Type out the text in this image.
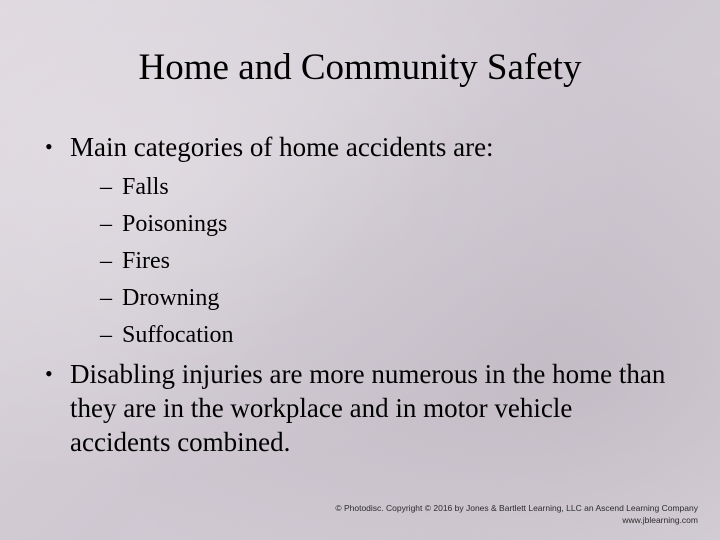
Home and Community Safety
• Main categories of home accidents are:
– Falls
– Poisonings
– Fires
– Drowning
– Suffocation
• Disabling injuries are more numerous in the home than they are in the workplace and in motor vehicle accidents combined.
© Photodisc. Copyright © 2016 by Jones & Bartlett Learning, LLC an Ascend Learning Company
www.jblearning.com
